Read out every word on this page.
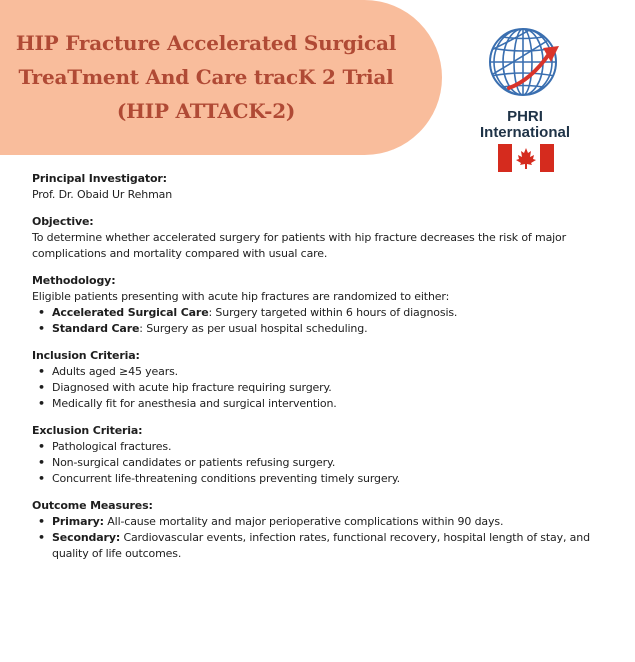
HIP Fracture Accelerated Surgical
TreaTment And Care tracK 2 Trial
(HIP ATTACK-2)	PHRI
International
Principal Investigator:
Prof. Dr. Obaid Ur Rehman
Objective:
To determine whether accelerated surgery for patients with hip fracture decreases the risk of major complications and mortality compared with usual care.
Methodology:
Eligible patients presenting with acute hip fractures are randomized to either:
• Accelerated Surgical Care: Surgery targeted within 6 hours of diagnosis.
• Standard Care: Surgery as per usual hospital scheduling.
Inclusion Criteria:
• Adults aged ≥45 years.
• Diagnosed with acute hip fracture requiring surgery.
• Medically fit for anesthesia and surgical intervention.
Exclusion Criteria:
• Pathological fractures.
• Non-surgical candidates or patients refusing surgery.
• Concurrent life-threatening conditions preventing timely surgery.
Outcome Measures:
• Primary: All-cause mortality and major perioperative complications within 90 days.
• Secondary: Cardiovascular events, infection rates, functional recovery, hospital length of stay, and quality of life outcomes.
